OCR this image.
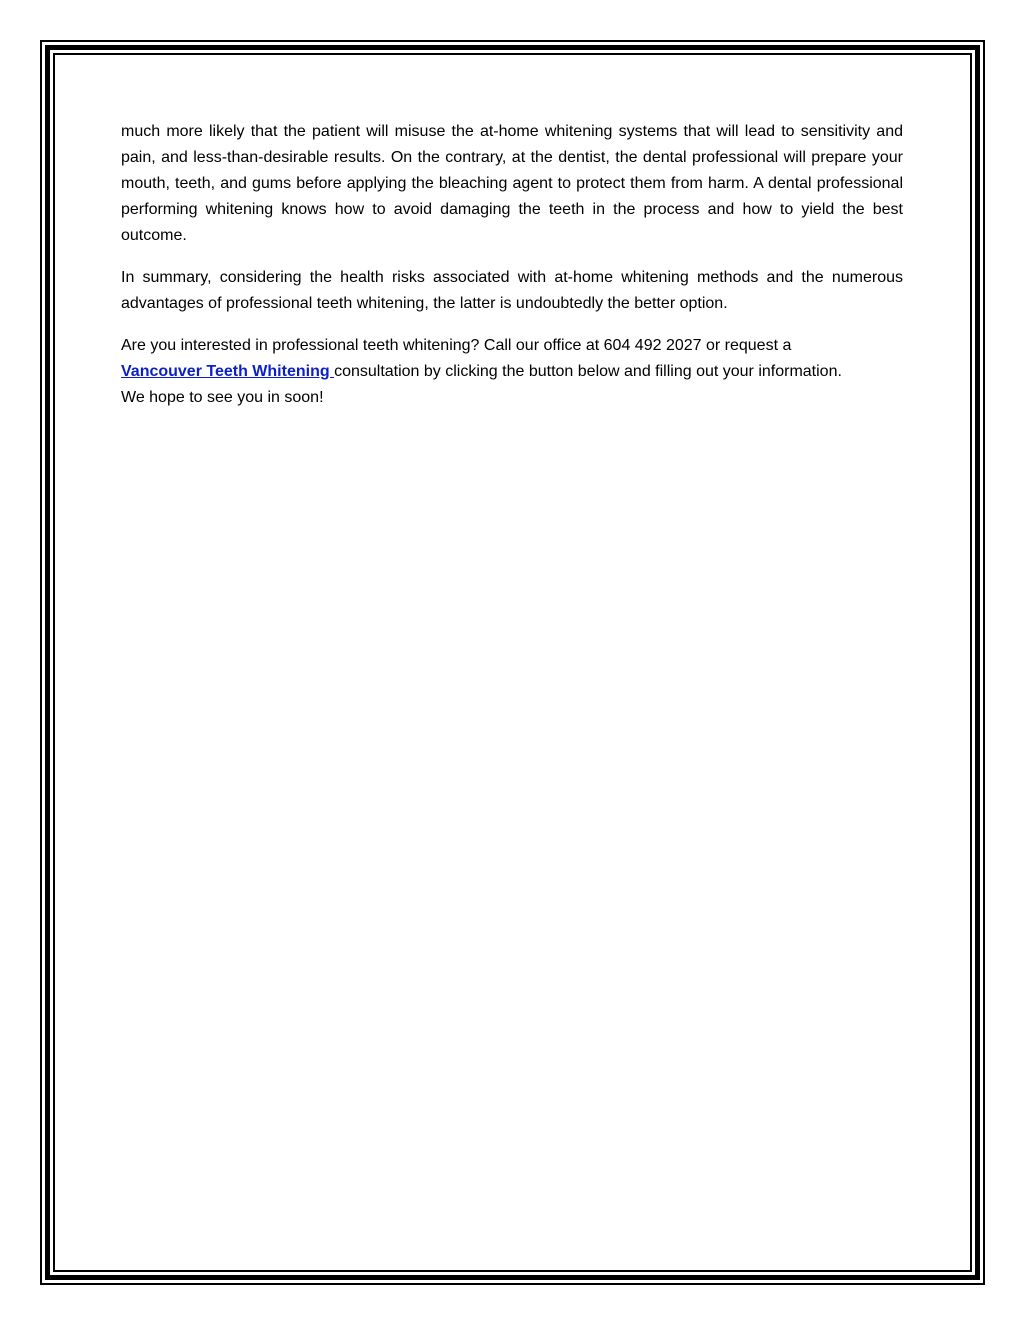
much more likely that the patient will misuse the at-home whitening systems that will lead to sensitivity and pain, and less-than-desirable results. On the contrary, at the dentist, the dental professional will prepare your mouth, teeth, and gums before applying the bleaching agent to protect them from harm. A dental professional performing whitening knows how to avoid damaging the teeth in the process and how to yield the best outcome.

In summary, considering the health risks associated with at-home whitening methods and the numerous advantages of professional teeth whitening, the latter is undoubtedly the better option.

Are you interested in professional teeth whitening? Call our office at 604 492 2027 or request a
Vancouver Teeth Whitening consultation by clicking the button below and filling out your information.
We hope to see you in soon!
